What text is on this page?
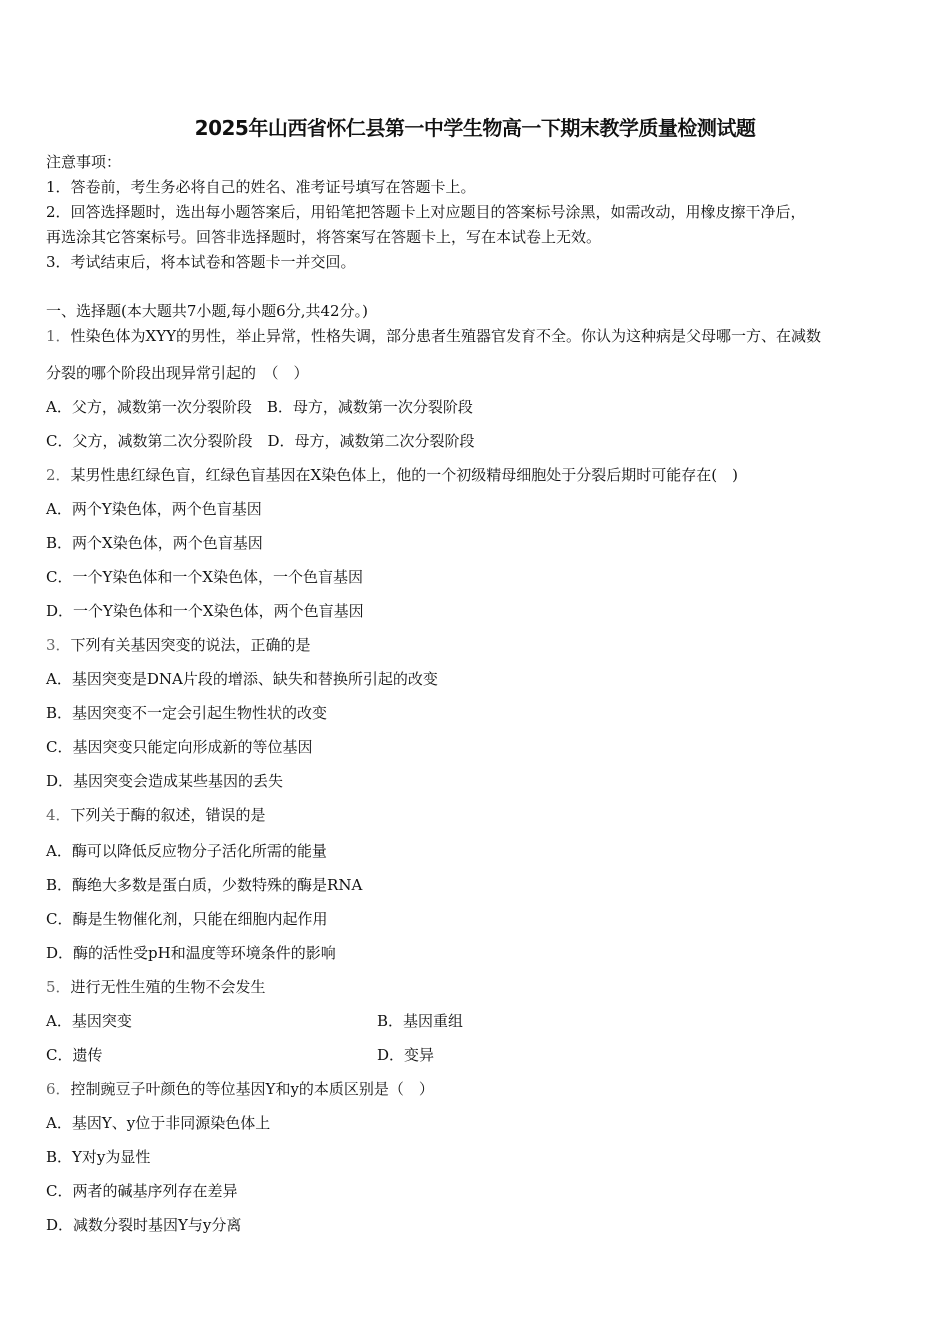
2025年山西省怀仁县第一中学生物高一下期末教学质量检测试题
注意事项：
1．答卷前，考生务必将自己的姓名、准考证号填写在答题卡上。
2．回答选择题时，选出每小题答案后，用铅笔把答题卡上对应题目的答案标号涂黑，如需改动，用橡皮擦干净后，
再选涂其它答案标号。回答非选择题时，将答案写在答题卡上，写在本试卷上无效。
3．考试结束后，将本试卷和答题卡一并交回。
一、选择题(本大题共7小题,每小题6分,共42分。)
1．性染色体为XYY的男性，举止异常，性格失调，部分患者生殖器官发育不全。你认为这种病是父母哪一方、在减数
分裂的哪个阶段出现异常引起的　（　）
A．父方，减数第一次分裂阶段　B．母方，减数第一次分裂阶段
C．父方，减数第二次分裂阶段　D．母方，减数第二次分裂阶段
2．某男性患红绿色盲，红绿色盲基因在X染色体上，他的一个初级精母细胞处于分裂后期时可能存在(　)
A．两个Y染色体，两个色盲基因
B．两个X染色体，两个色盲基因
C．一个Y染色体和一个X染色体，一个色盲基因
D．一个Y染色体和一个X染色体，两个色盲基因
3．下列有关基因突变的说法，正确的是
A．基因突变是DNA片段的增添、缺失和替换所引起的改变
B．基因突变不一定会引起生物性状的改变
C．基因突变只能定向形成新的等位基因
D．基因突变会造成某些基因的丢失
4．下列关于酶的叙述，错误的是
A．酶可以降低反应物分子活化所需的能量
B．酶绝大多数是蛋白质，少数特殊的酶是RNA
C．酶是生物催化剂，只能在细胞内起作用
D．酶的活性受pH和温度等环境条件的影响
5．进行无性生殖的生物不会发生
A．基因突变	B．基因重组
C．遗传	D．变异
6．控制豌豆子叶颜色的等位基因Y和y的本质区别是（　）
A．基因Y、y位于非同源染色体上
B．Y对y为显性
C．两者的碱基序列存在差异
D．减数分裂时基因Y与y分离
